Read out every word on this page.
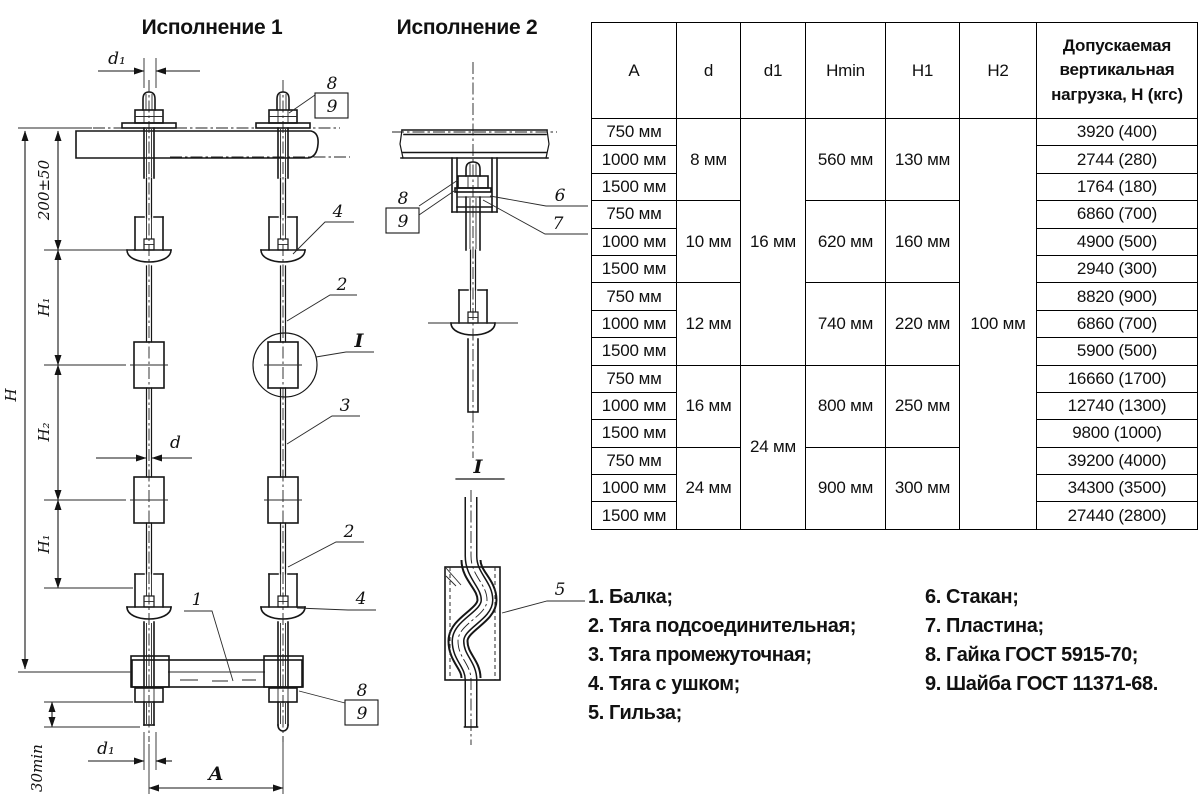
9
Исполнение 1	Исполнение 2
H
200±50
H₁
H₂
H₁
30min
d₁
d
d₁
A
4
2
I
3
2
1	4
6
7
I
5
A	d	d1	Hmin	H1	H2	Допускаемая вертикальная нагрузка, Н (кгс)
750 мм	8 мм	16 мм	560 мм	130 мм	100 мм	3920 (400)
1000 мм						2744 (280)
1500 мм						1764 (180)
750 мм	10 мм		620 мм	160 мм		6860 (700)
1000 мм						4900 (500)
1500 мм						2940 (300)
750 мм	12 мм		740 мм	220 мм		8820 (900)
1000 мм						6860 (700)
1500 мм						5900 (500)
750 мм	16 мм	24 мм	800 мм	250 мм		16660 (1700)
1000 мм						12740 (1300)
1500 мм						9800 (1000)
750 мм	24 мм		900 мм	300 мм		39200 (4000)
1000 мм						34300 (3500)
1500 мм						27440 (2800)
1. Балка;
2. Тяга подсоединительная;
3. Тяга промежуточная;
4. Тяга с ушком;
5. Гильза;
6. Стакан;
7. Пластина;
8. Гайка ГОСТ 5915-70;
9. Шайба ГОСТ 11371-68.
